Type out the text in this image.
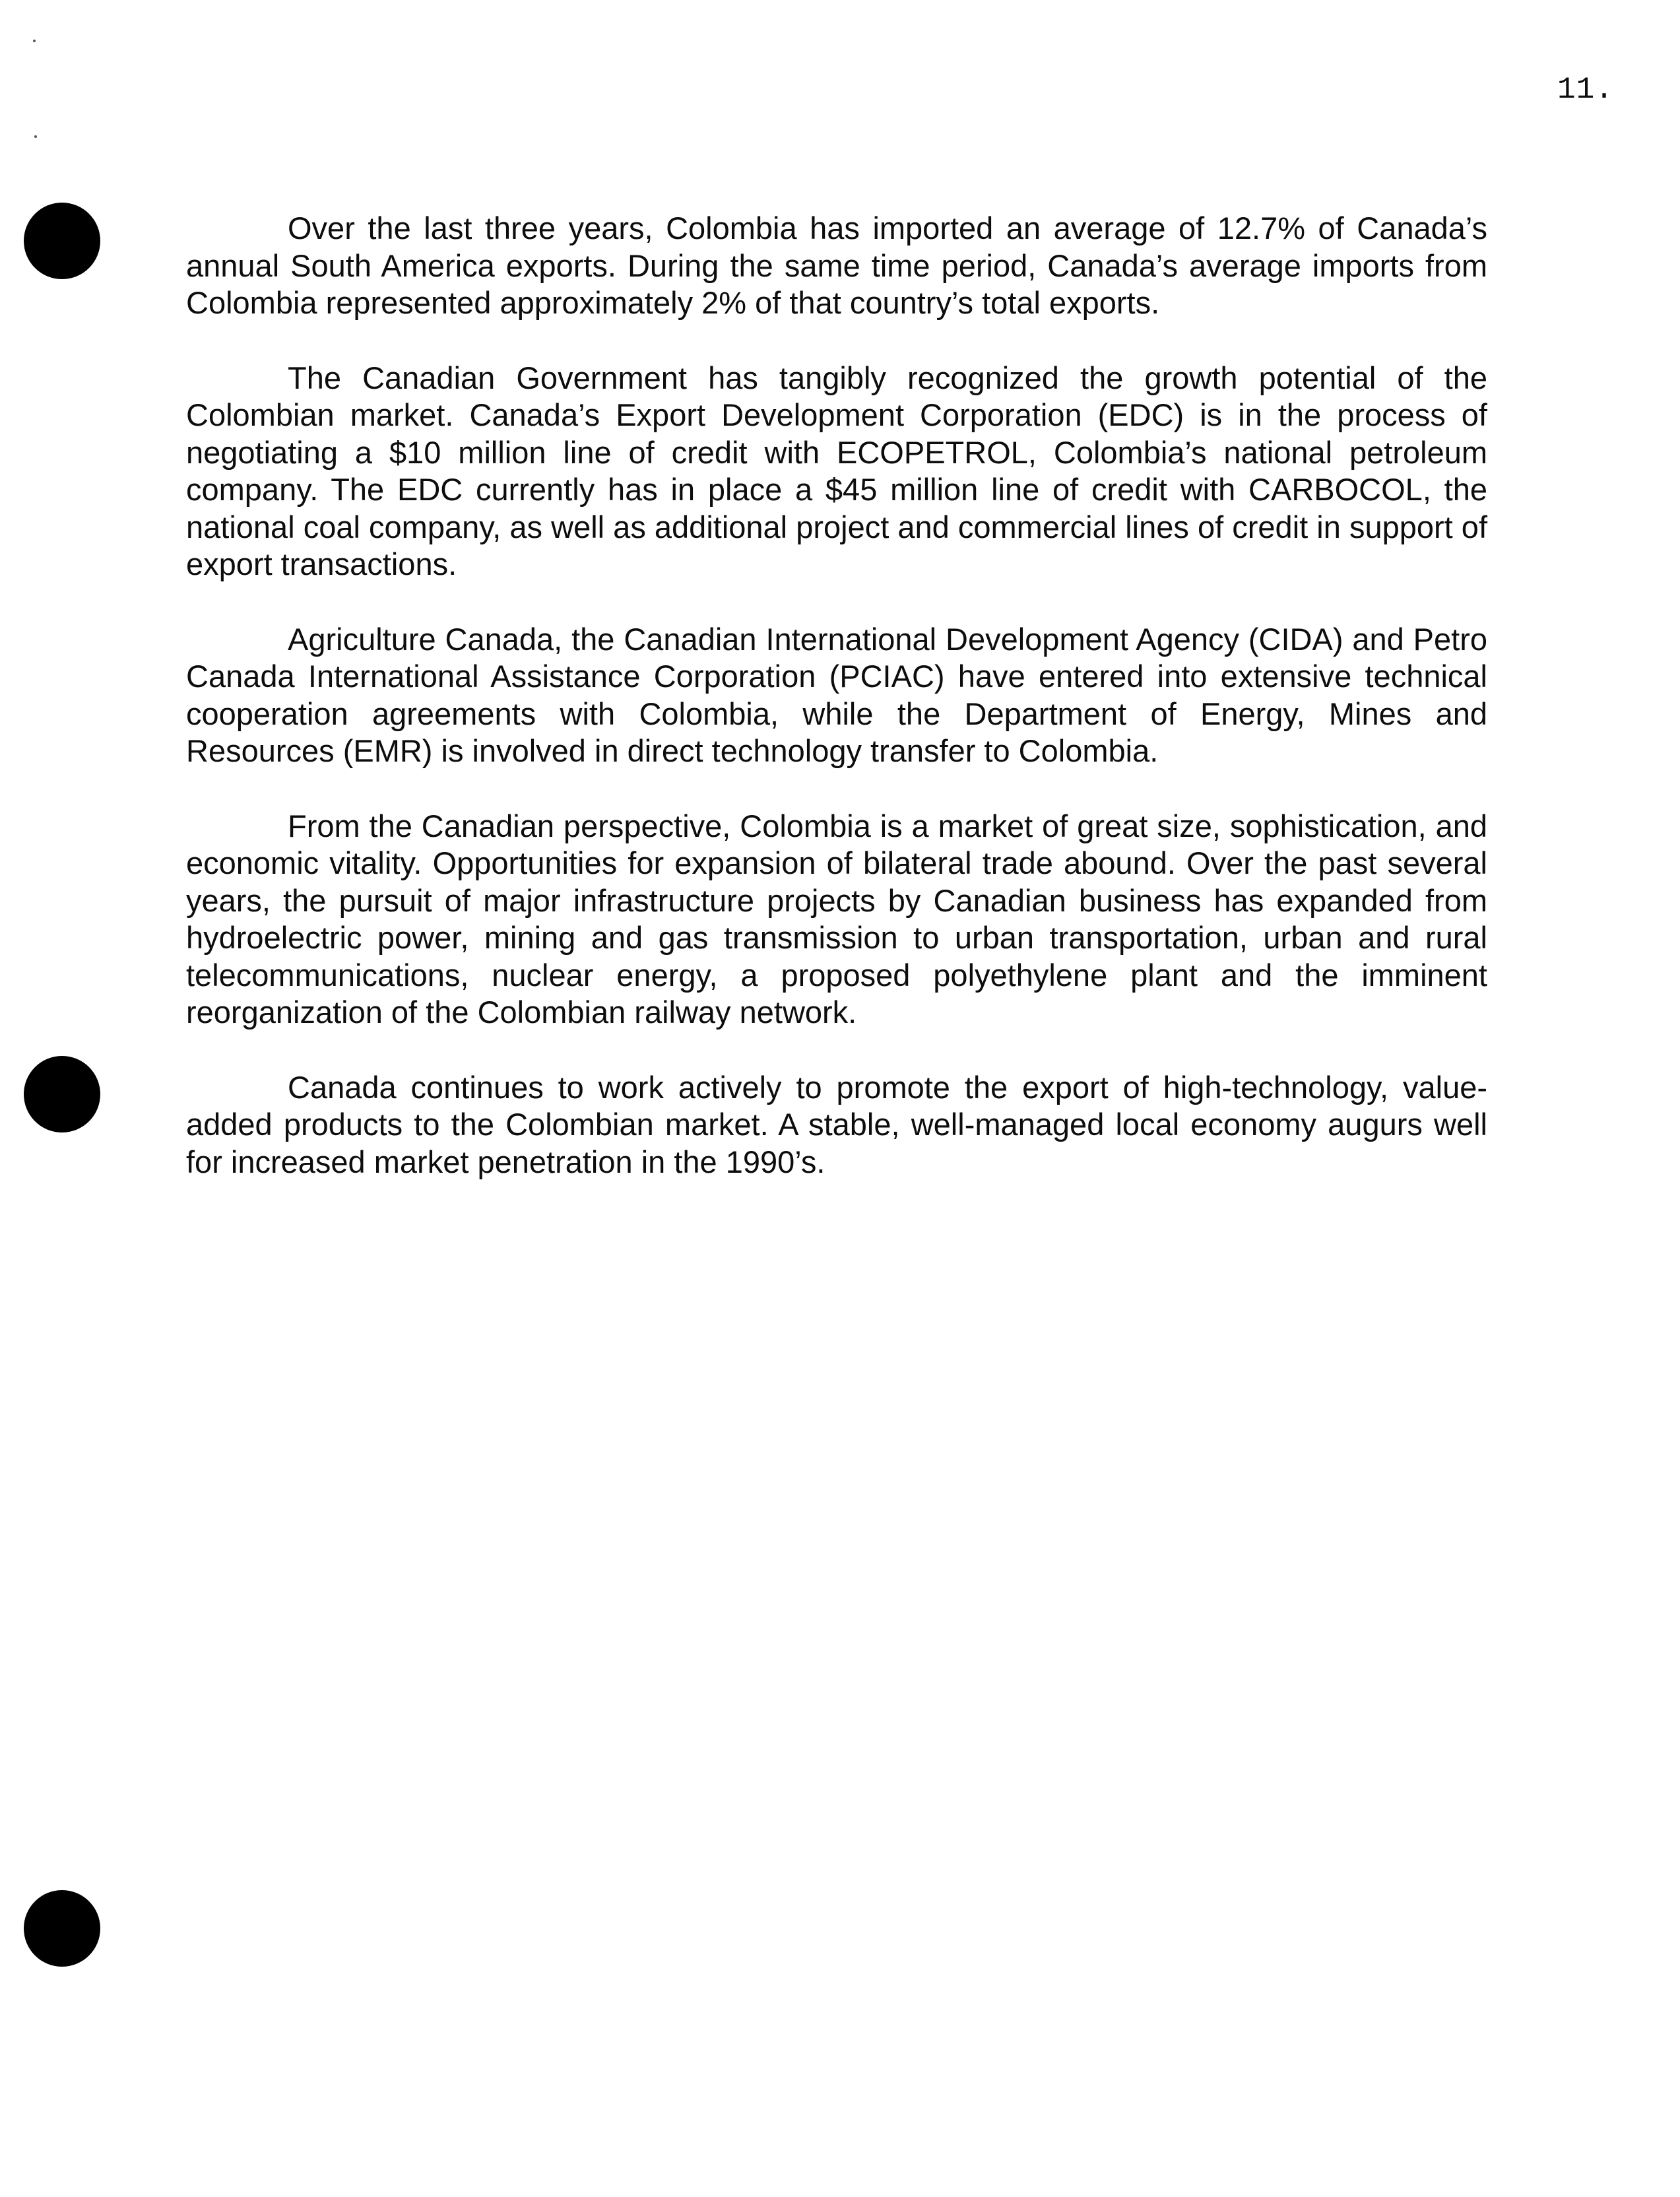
11.

Over the last three years, Colombia has imported an average of 12.7% of Canada’s annual South America exports. During the same time period, Canada’s average imports from Colombia represented approximately 2% of that country’s total exports.

The Canadian Government has tangibly recognized the growth potential of the Colombian market. Canada’s Export Development Corporation (EDC) is in the process of negotiating a $10 million line of credit with ECOPETROL, Colombia’s national petroleum company. The EDC currently has in place a $45 million line of credit with CARBOCOL, the national coal company, as well as additional project and commercial lines of credit in support of export transactions.

Agriculture Canada, the Canadian International Development Agency (CIDA) and Petro Canada International Assistance Corporation (PCIAC) have entered into extensive technical cooperation agreements with Colombia, while the Department of Energy, Mines and Resources (EMR) is involved in direct technology transfer to Colombia.

From the Canadian perspective, Colombia is a market of great size, sophistication, and economic vitality. Opportunities for expansion of bilateral trade abound. Over the past several years, the pursuit of major infrastructure projects by Canadian business has expanded from hydroelectric power, mining and gas transmission to urban transportation, urban and rural telecommunications, nuclear energy, a proposed polyethylene plant and the imminent reorganization of the Colombian railway network.

Canada continues to work actively to promote the export of high-technology, value-added products to the Colombian market. A stable, well-managed local economy augurs well for increased market penetration in the 1990’s.
